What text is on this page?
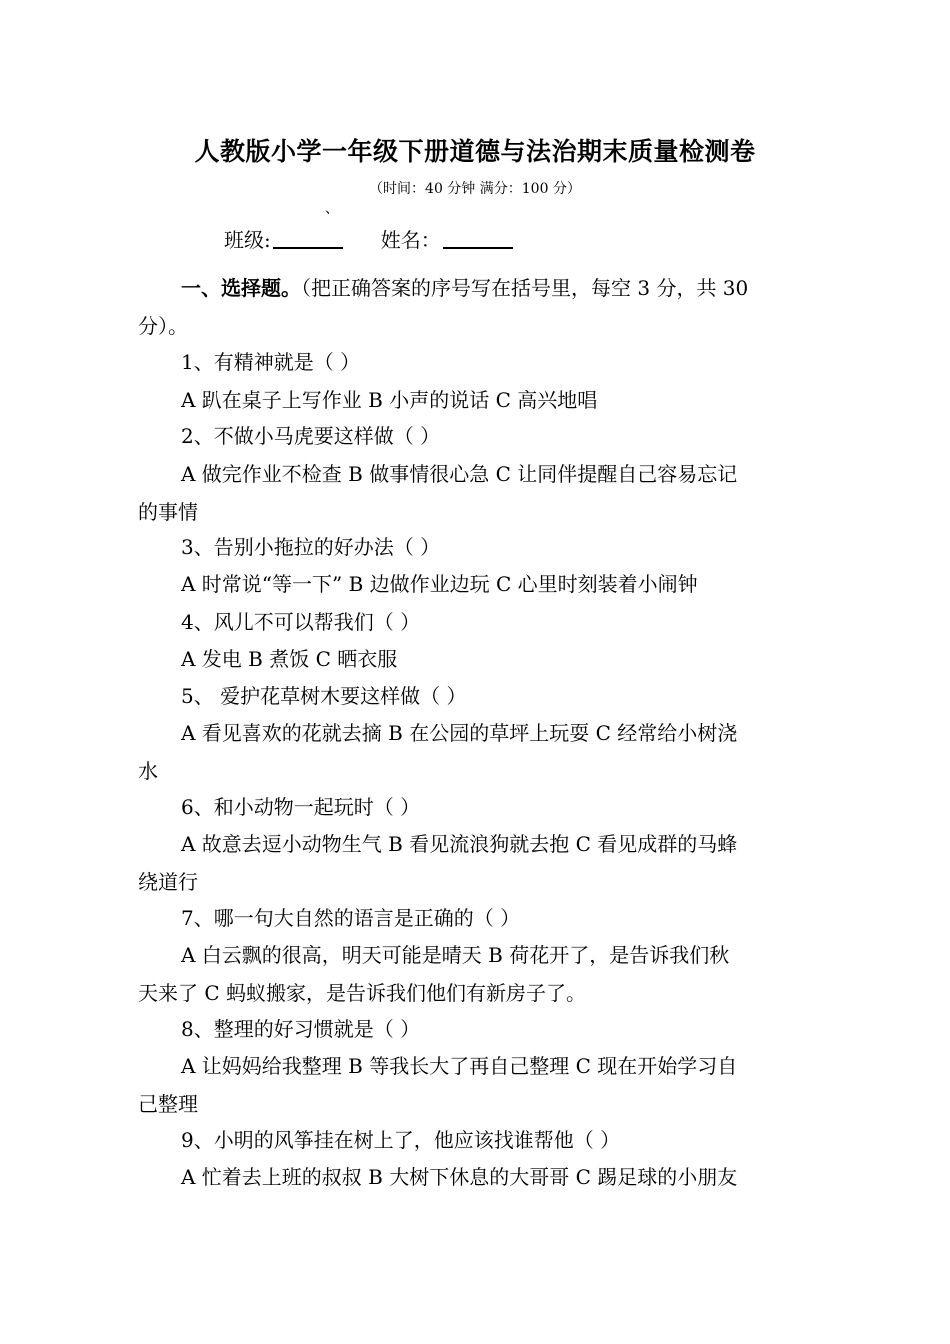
人教版小学一年级下册道德与法治期末质量检测卷
（时间：40 分钟 满分：100 分）
、
班级:	姓名：
一、选择题。（把正确答案的序号写在括号里，每空 3 分，共 30
分）。
1、有精神就是（ ）
A 趴在桌子上写作业 B 小声的说话 C 高兴地唱
2、不做小马虎要这样做（ ）
A 做完作业不检查 B 做事情很心急 C 让同伴提醒自己容易忘记
的事情
3、告别小拖拉的好办法（ ）
A 时常说“等一下” B 边做作业边玩 C 心里时刻装着小闹钟
4、风儿不可以帮我们（ ）
A 发电 B 煮饭 C 晒衣服
5、 爱护花草树木要这样做（ ）
A 看见喜欢的花就去摘 B 在公园的草坪上玩耍 C 经常给小树浇
水
6、和小动物一起玩时（ ）
A 故意去逗小动物生气 B 看见流浪狗就去抱 C 看见成群的马蜂
绕道行
7、哪一句大自然的语言是正确的（ ）
A 白云飘的很高，明天可能是晴天 B 荷花开了，是告诉我们秋
天来了 C 蚂蚁搬家，是告诉我们他们有新房子了。
8、整理的好习惯就是（ ）
A 让妈妈给我整理 B 等我长大了再自己整理 C 现在开始学习自
己整理
9、小明的风筝挂在树上了，他应该找谁帮他（ ）
A 忙着去上班的叔叔 B 大树下休息的大哥哥 C 踢足球的小朋友
